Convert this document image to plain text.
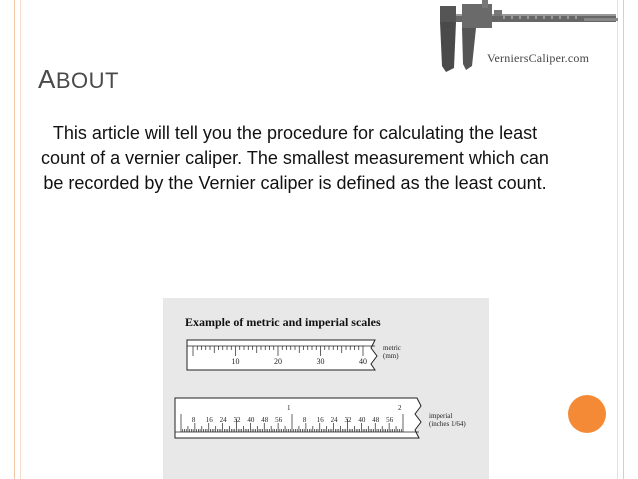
VerniersCaliper.com
ABOUT
This article will tell you the procedure for calculating the least count of a vernier caliper. The smallest measurement which can be recorded by the Vernier caliper is defined as the least count.
Example of metric and imperial scales
10	20	30	40
metric
(mm)
8 16 24 32 40 48 56	8 16 24 32 40 48 56
1	2
imperial
(inches 1/64)
